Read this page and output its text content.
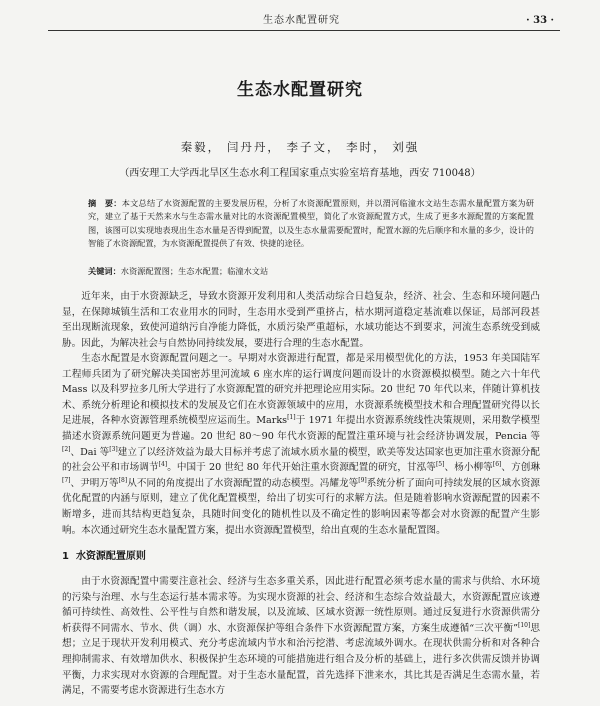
生态水配置研究	· 33 ·
生态水配置研究
秦毅， 闫丹丹， 李子文， 李时， 刘强
（西安理工大学西北旱区生态水利工程国家重点实验室培育基地，西安 710048）

摘　要：本文总结了水资源配置的主要发展历程，分析了水资源配置原则，并以渭河临潼水文站生态需水量配置方案为研究，建立了基于天然来水与生态需水量对比的水资源配置模型，简化了水资源配置方式，生成了更多水源配置的方案配置图，该图可以实现地表现出生态水量是否得到配置，以及生态水量需要配置时，配置水源的先后顺序和水量的多少，设计的智能了水资源配置，为水资源配置提供了有效、快捷的途径。

关键词：水资源配置图；生态水配置；临潼水文站

近年来，由于水资源缺乏，导致水资源开发利用和人类活动综合日趋复杂，经济、社会、生态和环境问题凸显，在保障城镇生活和工农业用水的同时，生态用水受到严重挤占，枯水期河道稳定基流难以保证，局部河段甚至出现断流现象，致使河道纳污自净能力降低，水质污染严重超标，水域功能达不到要求，河流生态系统受到威胁。因此，为解决社会与自然协同持续发展，要进行合理的生态水配置。

生态水配置是水资源配置问题之一。早期对水资源进行配置，都是采用模型优化的方法，1953 年美国陆军工程师兵团为了研究解决美国密苏里河流域 6 座水库的运行调度问题而设计的水资源模拟模型。随之六十年代 Mass 以及科罗拉多几所大学进行了水资源配置的研究并把理论应用实际。20 世纪 70 年代以来，伴随计算机技术、系统分析理论和模拟技术的发展及它们在水资源领域中的应用，水资源系统模型技术和合理配置研究得以长足进展，各种水资源管理系统模型应运而生。Marks[1]于 1971 年提出水资源系统线性决策规则，采用数学模型描述水资源系统问题更为普遍。20 世纪 80～90 年代水资源的配置注重环境与社会经济协调发展，Pencia 等[2]、Dai 等[3]建立了以经济效益为最大目标并考虑了流域水质水量的模型，欧美等发达国家也更加注重水资源分配的社会公平和市场调节[4]。中国于 20 世纪 80 年代开始注重水资源配置的研究，甘泓等[5]、杨小柳等[6]、方创琳[7]、尹明万等[8]从不同的角度提出了水资源配置的动态模型。冯耀龙等[9]系统分析了面向可持续发展的区域水资源优化配置的内涵与原则，建立了优化配置模型，给出了切实可行的求解方法。但是随着影响水资源配置的因素不断增多，进而其结构更趋复杂，具随时间变化的随机性以及不确定性的影响因素等都会对水资源的配置产生影响。本次通过研究生态水量配置方案，提出水资源配置模型，给出直观的生态水量配置图。

1 水资源配置原则

由于水资源配置中需要注意社会、经济与生态多重关系，因此进行配置必须考虑水量的需求与供给、水环境的污染与治理、水与生态运行基本需求等。为实现水资源的社会、经济和生态综合效益最大，水资源配置应该遵循可持续性、高效性、公平性与自然和谐发展，以及流域、区域水资源一统性原则。通过反复进行水资源供需分析获得不同需水、节水、供（调）水、水资源保护等组合条件下水资源配置方案，方案生成遵循“三次平衡”[10]思想；立足于现状开发利用模式、充分考虑流域内节水和治污挖潜、考虑流域外调水。在现状供需分析和对各种合理抑制需求、有效增加供水、积极保护生态环境的可能措施进行组合及分析的基础上，进行多次供需反馈并协调平衡，力求实现对水资源的合理配置。对于生态水量配置，首先选择下泄来水，其比其是否满足生态需水量，若满足，不需要考虑水资源进行生态水方
